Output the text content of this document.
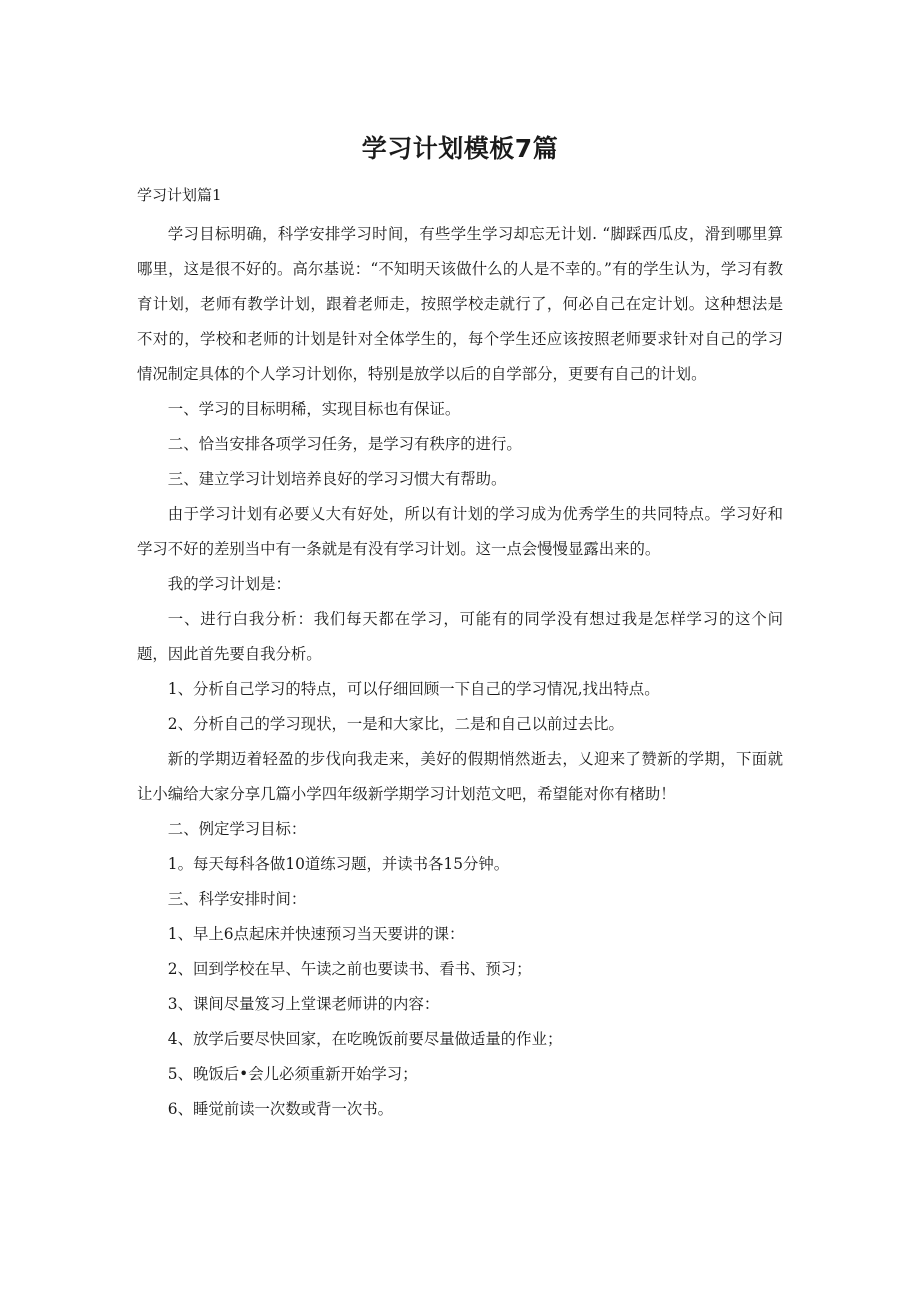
学习计划模板7篇
学习计划篇1

学习目标明确，科学安排学习时间，有些学生学习却忘无计划. “脚踩西瓜皮，滑到哪里算哪里，这是很不好的。高尔基说：“不知明天该做什么的人是不幸的。”有的学生认为，学习有教育计划，老师有教学计划，跟着老师走，按照学校走就行了，何必自己在定计划。这种想法是不对的，学校和老师的计划是针对全体学生的，每个学生还应该按照老师要求针对自己的学习情况制定具体的个人学习计划你，特别是放学以后的自学部分，更要有自己的计划。

一、学习的目标明稀，实现目标也有保证。

二、恰当安排各项学习任务，是学习有秩序的进行。

三、建立学习计划培养良好的学习习惯大有帮助。

由于学习计划有必要乂大有好处，所以有计划的学习成为优秀学生的共同特点。学习好和学习不好的差别当中有一条就是有没有学习计划。这一点会慢慢显露出来的。

我的学习计划是：

一、进行白我分析：我们每天都在学习，可能有的同学没有想过我是怎样学习的这个问题，因此首先要自我分析。

1、分析自己学习的特点，可以仔细回顾一下自己的学习情况,找出特点。

2、分析自己的学习现状，一是和大家比，二是和自己以前过去比。

新的学期迈着轻盈的步伐向我走来，美好的假期悄然逝去，乂迎来了赞新的学期，下面就让小编给大家分享几篇小学四年级新学期学习计划范文吧，希望能对你有楮助！

二、例定学习目标：

1。每天每科各做10道练习题，并读书各15分钟。

三、科学安排时间：

1、早上6点起床并快速预习当天要讲的课：

2、回到学校在早、午读之前也要读书、看书、预习；

3、课间尽量笈习上堂课老师讲的内容：

4、放学后要尽快回家，在吃晚饭前要尽量做适量的作业；

5、晚饭后•会儿必须重新开始学习；

6、睡觉前读一次数或背一次书。
